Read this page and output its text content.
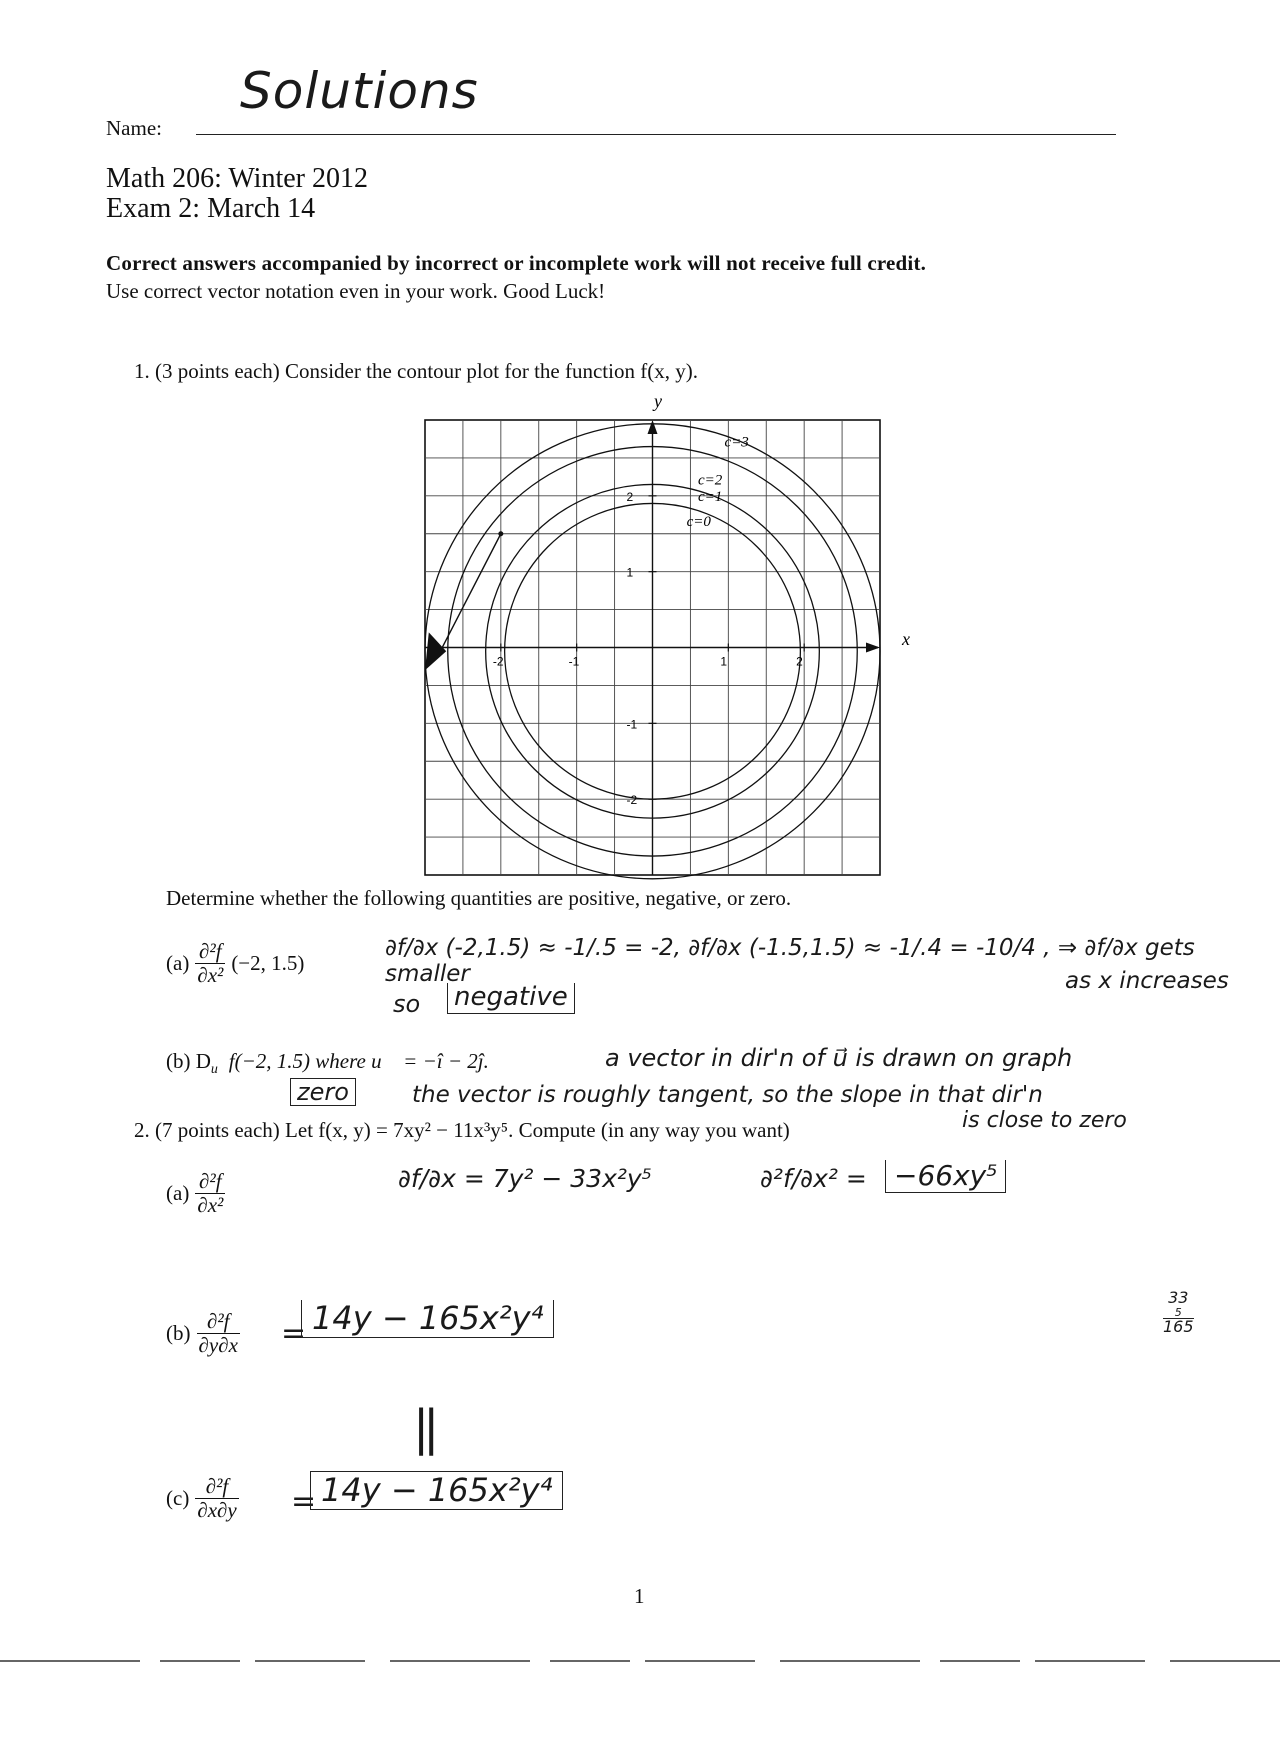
Name:
Solutions
Math 206: Winter 2012
Exam 2: March 14
Correct answers accompanied by incorrect or incomplete work will not receive full credit.
Use correct vector notation even in your work. Good Luck!
1. (3 points each) Consider the contour plot for the function f(x, y).
-2	-1	1	2
2
1
-1
-2
y
x
c=3
c=2
c=1
c=0
Determine whether the following quantities are positive, negative, or zero.
$(a) \frac{\text{∂²f}}{\text{∂x²}} (-2$, 1.5)
∂f/∂x (-2,1.5) ≈ -1/.5 = -2, ∂f/∂x (-1.5,1.5) ≈ -1/.4 = -10/4 , ⇒ ∂f/∂x gets smaller	as x increases
so negative
(b) $D_{u⃗}f(-2$, 1.5) where u⃗ = −î − 2ĵ.	a vector in dir'n of u⃗ is drawn on graph
zero	the vector is roughly tangent, so the slope in that dir'n
is close to zero
2. (7 points each) Let f(x, y) = 7xy² − 11x³y⁵. Compute (in any way you want)
$(a) \frac{\text{∂²f}}{\text{∂x²}}$	∂f/∂x = 7y² − 33x²y⁵	∂²f/∂x² = −66xy⁵
$(b) \frac{\text{∂²f}}{\partial y\partial x} = 14y - 165x^2y^4$
||
$(c) \frac{\text{∂²f}}{\partial x\partial y} = 14y - 165x^2y^4$
33
5
165
1
